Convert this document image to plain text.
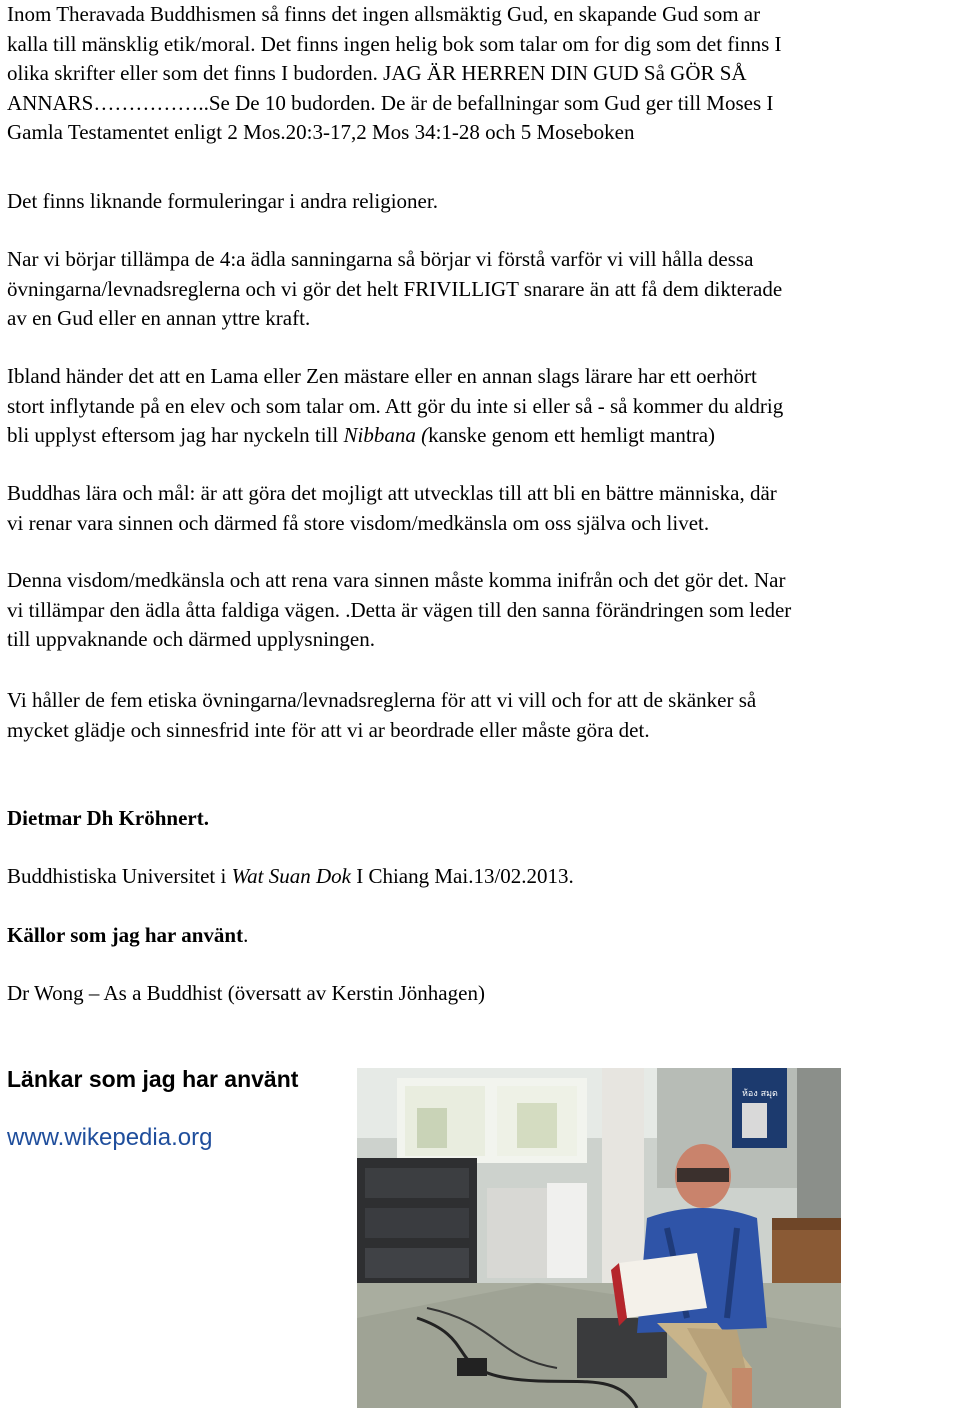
Inom Theravada Buddhismen så finns det ingen allsmäktig Gud, en skapande Gud som ar
kalla till mänsklig etik/moral. Det finns ingen helig bok som talar om for dig som det finns I
olika skrifter eller som det finns I budorden. JAG ÄR HERREN DIN GUD Så GÖR SÅ
ANNARS……………..Se De 10 budorden. De är de befallningar som Gud ger till Moses I
Gamla Testamentet enligt 2 Mos.20:3-17,2 Mos 34:1-28 och 5 Moseboken
Det finns liknande formuleringar i andra religioner.
Nar vi börjar tillämpa de 4:a ädla sanningarna så börjar vi förstå varför vi vill hålla dessa
övningarna/levnadsreglerna och vi gör det helt FRIVILLIGT snarare än att få dem dikterade
av en Gud eller en annan yttre kraft.
Ibland händer det att en Lama eller Zen mästare eller en annan slags lärare har ett oerhört
stort inflytande på en elev och som talar om. Att gör du inte si eller så - så kommer du aldrig
bli upplyst eftersom jag har nyckeln till Nibbana (kanske genom ett hemligt mantra)
Buddhas lära och mål: är att göra det mojligt att utvecklas till att bli en bättre människa, där
vi renar vara sinnen och därmed få store visdom/medkänsla om oss själva och livet.
Denna visdom/medkänsla och att rena vara sinnen måste komma inifrån och det gör det. Nar
vi tillämpar den ädla åtta faldiga vägen. .Detta är vägen till den sanna förändringen som leder
till uppvaknande och därmed upplysningen.
Vi håller de fem etiska övningarna/levnadsreglerna för att vi vill och for att de skänker så
mycket glädje och sinnesfrid inte för att vi ar beordrade eller måste göra det.
Dietmar Dh Kröhnert.
Buddhistiska Universitet i Wat Suan Dok I Chiang Mai.13/02.2013.
Källor som jag har använt.
Dr Wong – As a Buddhist (översatt av Kerstin Jönhagen)
Länkar som jag har använt
www.wikepedia.org
ห้อง สมุด
